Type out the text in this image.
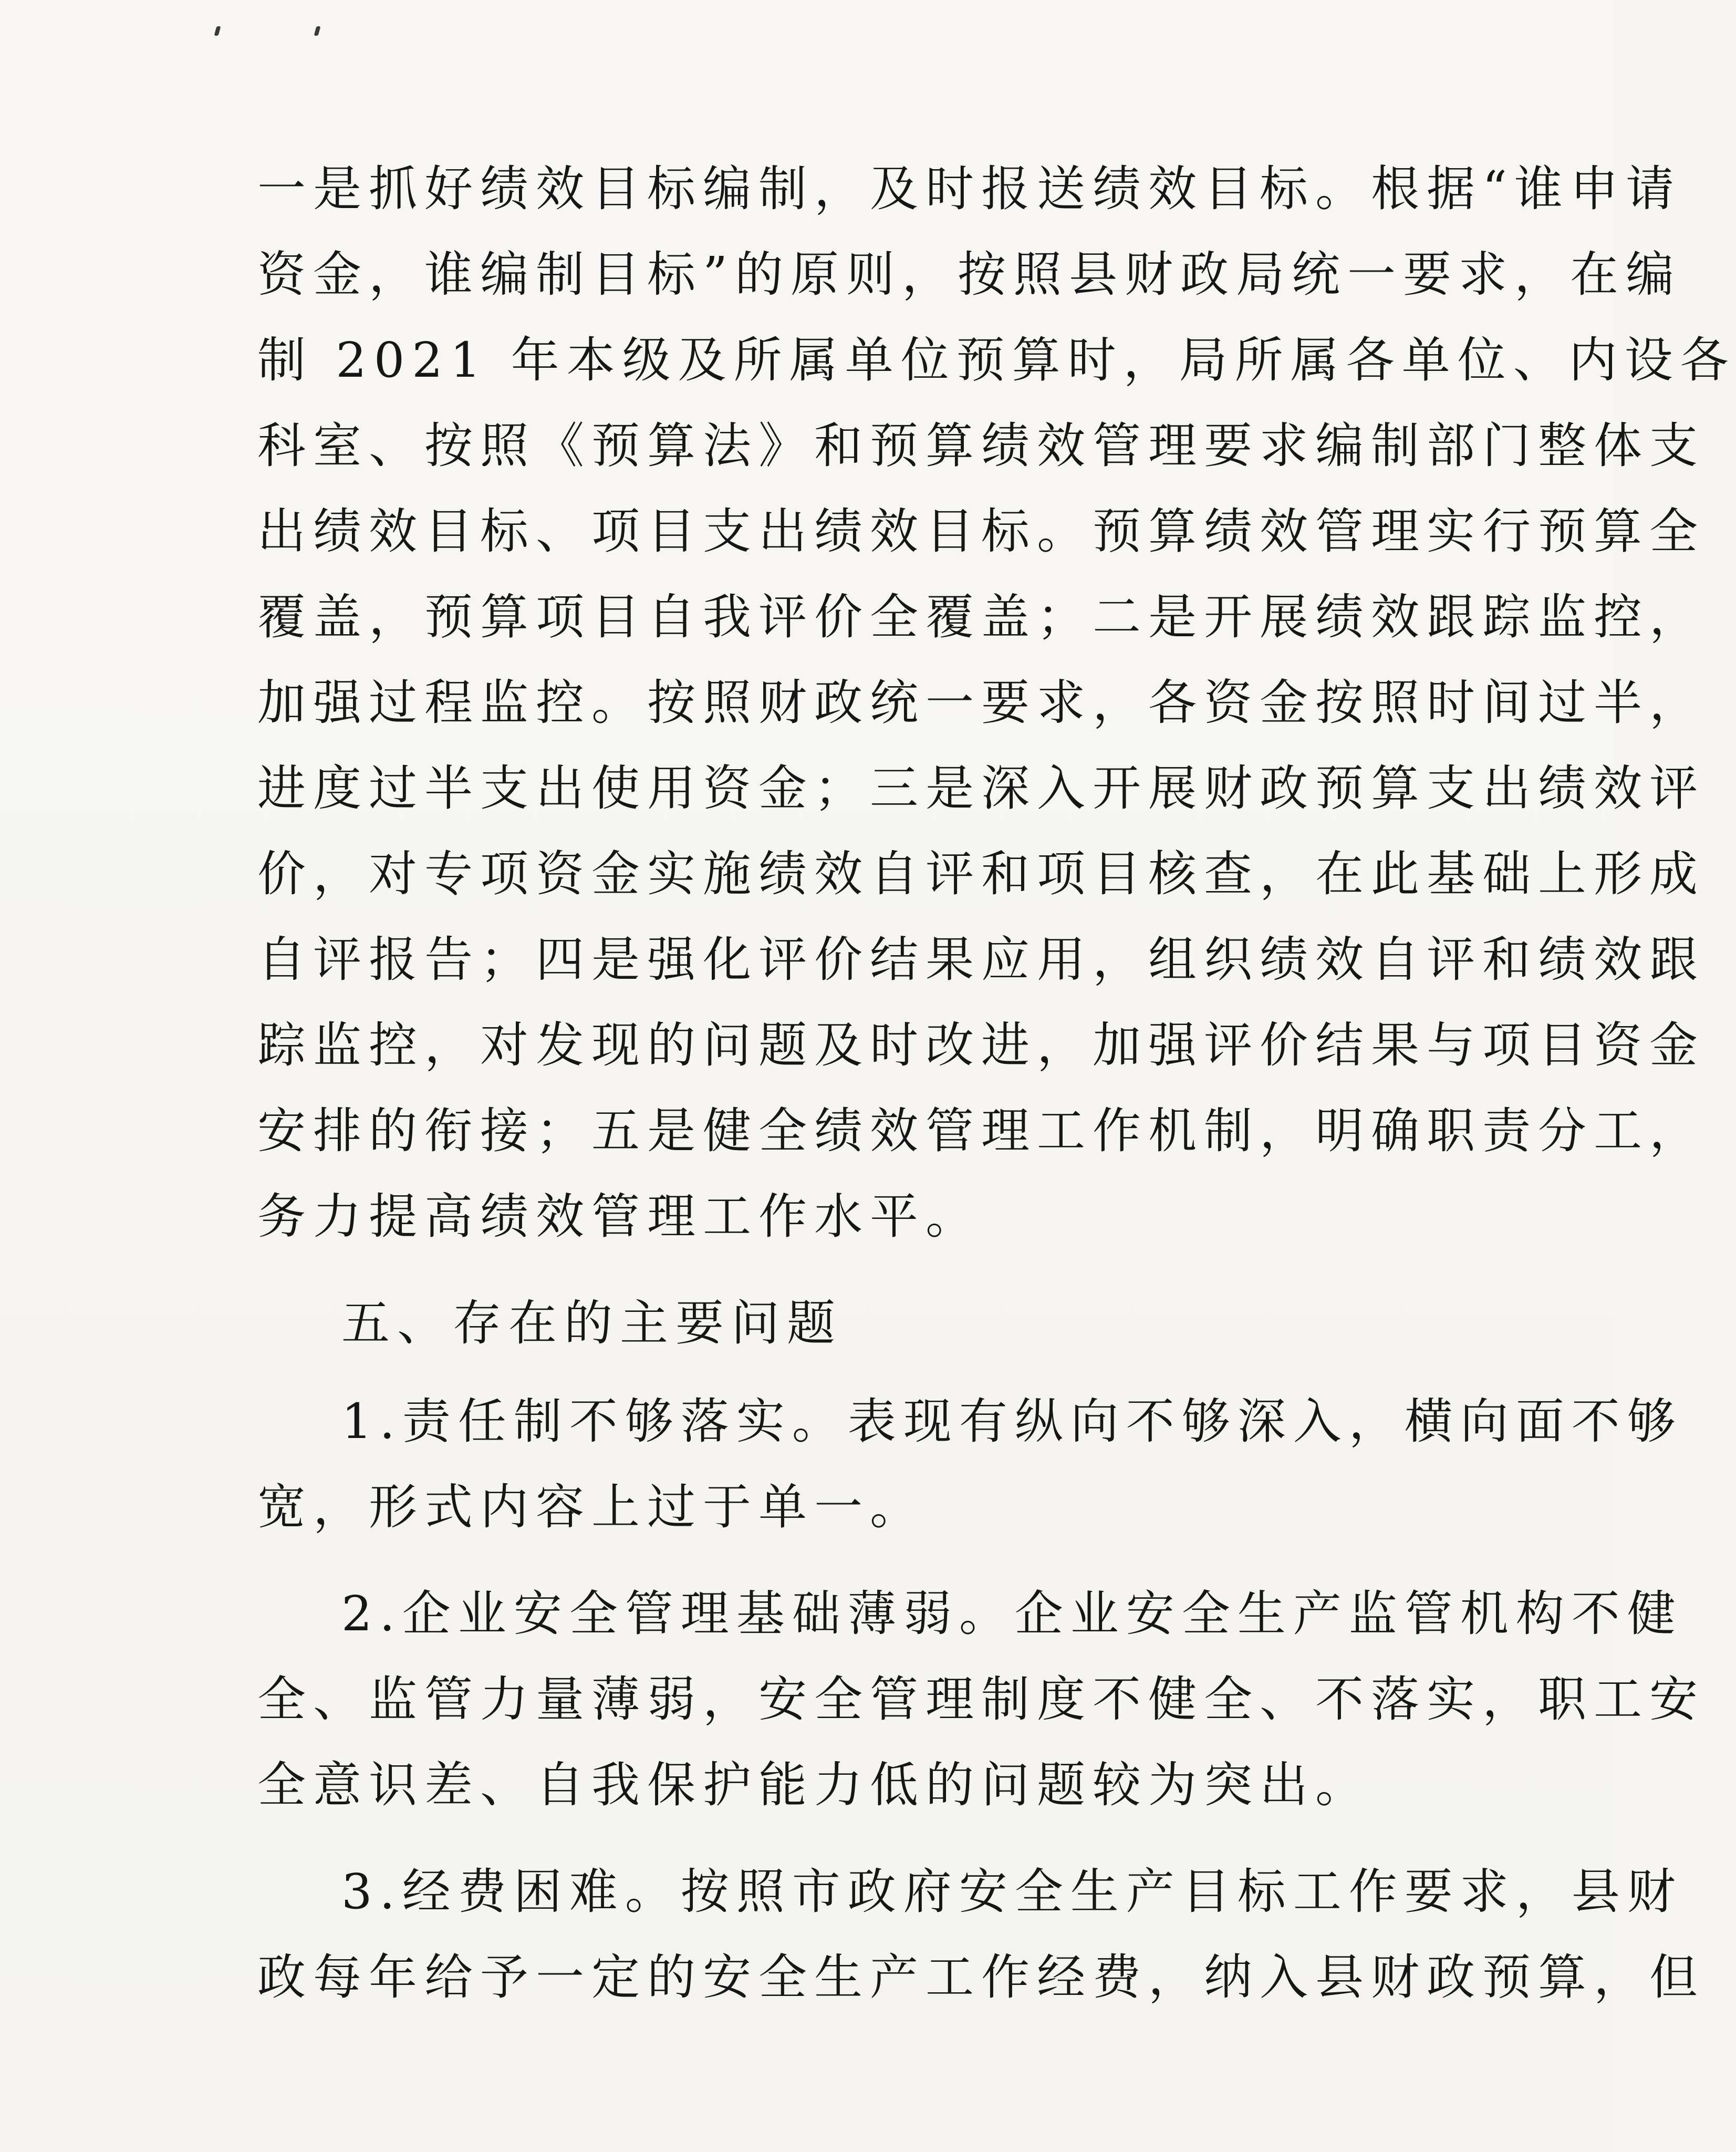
一是抓好绩效目标编制，及时报送绩效目标。根据“谁申请
资金，谁编制目标”的原则，按照县财政局统一要求，在编
制 2021 年本级及所属单位预算时，局所属各单位、内设各
科室、按照《预算法》和预算绩效管理要求编制部门整体支
出绩效目标、项目支出绩效目标。预算绩效管理实行预算全
覆盖，预算项目自我评价全覆盖；二是开展绩效跟踪监控，
加强过程监控。按照财政统一要求，各资金按照时间过半，
进度过半支出使用资金；三是深入开展财政预算支出绩效评
价，对专项资金实施绩效自评和项目核查，在此基础上形成
自评报告；四是强化评价结果应用，组织绩效自评和绩效跟
踪监控，对发现的问题及时改进，加强评价结果与项目资金
安排的衔接；五是健全绩效管理工作机制，明确职责分工，
务力提高绩效管理工作水平。
五、存在的主要问题
1.责任制不够落实。表现有纵向不够深入，横向面不够
宽，形式内容上过于单一。
2.企业安全管理基础薄弱。企业安全生产监管机构不健
全、监管力量薄弱，安全管理制度不健全、不落实，职工安
全意识差、自我保护能力低的问题较为突出。
3.经费困难。按照市政府安全生产目标工作要求，县财
政每年给予一定的安全生产工作经费，纳入县财政预算，但
